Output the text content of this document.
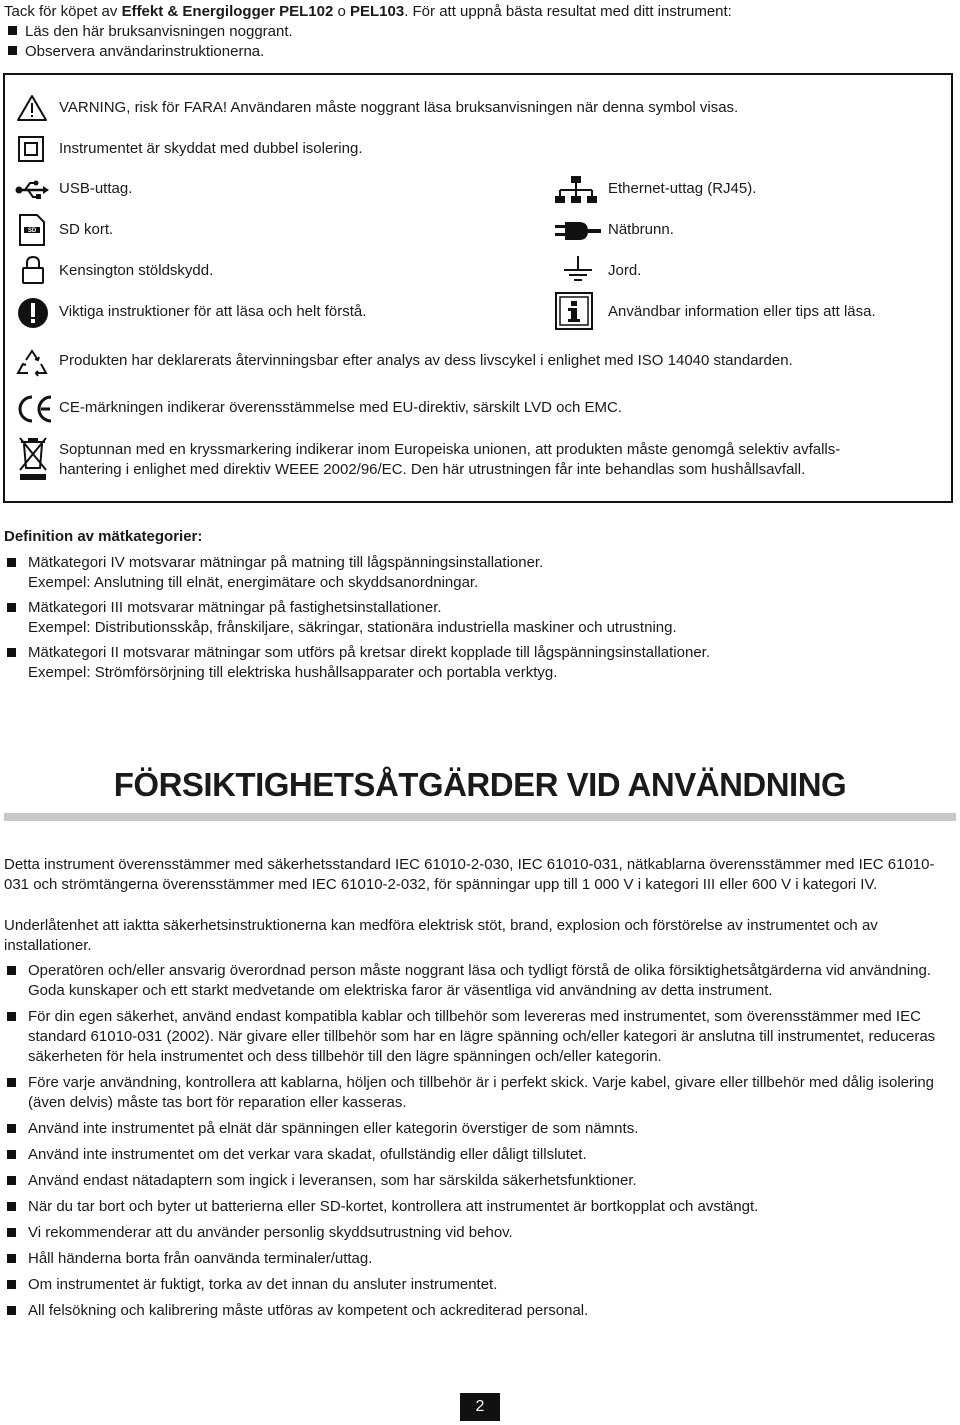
Tack för köpet av Effekt & Energilogger PEL102 o PEL103. För att uppnå bästa resultat med ditt instrument:
Läs den här bruksanvisningen noggrant.
Observera användarinstruktionerna.
VARNING, risk för FARA! Användaren måste noggrant läsa bruksanvisningen när denna symbol visas.
Instrumentet är skyddat med dubbel isolering.
USB-uttag.	Ethernet-uttag (RJ45).
SD SD kort.	Nätbrunn.
Kensington stöldskydd.	Jord.
Viktiga instruktioner för att läsa och helt förstå.	Användbar information eller tips att läsa.
Produkten har deklarerats återvinningsbar efter analys av dess livscykel i enlighet med ISO 14040 standarden.
CE-märkningen indikerar överensstämmelse med EU-direktiv, särskilt LVD och EMC.
Soptunnan med en kryssmarkering indikerar inom Europeiska unionen, att produkten måste genomgå selektiv avfalls-
hantering i enlighet med direktiv WEEE 2002/96/EC. Den här utrustningen får inte behandlas som hushållsavfall.
Definition av mätkategorier:
Mätkategori IV motsvarar mätningar på matning till lågspänningsinstallationer.
Exempel: Anslutning till elnät, energimätare och skyddsanordningar.
Mätkategori III motsvarar mätningar på fastighetsinstallationer.
Exempel: Distributionsskåp, frånskiljare, säkringar, stationära industriella maskiner och utrustning.
Mätkategori II motsvarar mätningar som utförs på kretsar direkt kopplade till lågspänningsinstallationer.
Exempel: Strömförsörjning till elektriska hushållsapparater och portabla verktyg.
FÖRSIKTIGHETSÅTGÄRDER VID ANVÄNDNING
Detta instrument överensstämmer med säkerhetsstandard IEC 61010-2-030, IEC 61010-031, nätkablarna överensstämmer med IEC 61010-031 och strömtängerna överensstämmer med IEC 61010-2-032, för spänningar upp till 1 000 V i kategori III eller 600 V i kategori IV.
Underlåtenhet att iaktta säkerhetsinstruktionerna kan medföra elektrisk stöt, brand, explosion och förstörelse av instrumentet och av installationer.
Operatören och/eller ansvarig överordnad person måste noggrant läsa och tydligt förstå de olika försiktighetsåtgärderna vid användning. Goda kunskaper och ett starkt medvetande om elektriska faror är väsentliga vid användning av detta instrument.
För din egen säkerhet, använd endast kompatibla kablar och tillbehör som levereras med instrumentet, som överensstämmer med IEC standard 61010-031 (2002). När givare eller tillbehör som har en lägre spänning och/eller kategori är anslutna till instrumentet, reduceras säkerheten för hela instrumentet och dess tillbehör till den lägre spänningen och/eller kategorin.
Före varje användning, kontrollera att kablarna, höljen och tillbehör är i perfekt skick. Varje kabel, givare eller tillbehör med dålig isolering (även delvis) måste tas bort för reparation eller kasseras.
Använd inte instrumentet på elnät där spänningen eller kategorin överstiger de som nämnts.
Använd inte instrumentet om det verkar vara skadat, ofullständig eller dåligt tillslutet.
Använd endast nätadaptern som ingick i leveransen, som har särskilda säkerhetsfunktioner.
När du tar bort och byter ut batterierna eller SD-kortet, kontrollera att instrumentet är bortkopplat och avstängt.
Vi rekommenderar att du använder personlig skyddsutrustning vid behov.
Håll händerna borta från oanvända terminaler/uttag.
Om instrumentet är fuktigt, torka av det innan du ansluter instrumentet.
All felsökning och kalibrering måste utföras av kompetent och ackrediterad personal.
2
